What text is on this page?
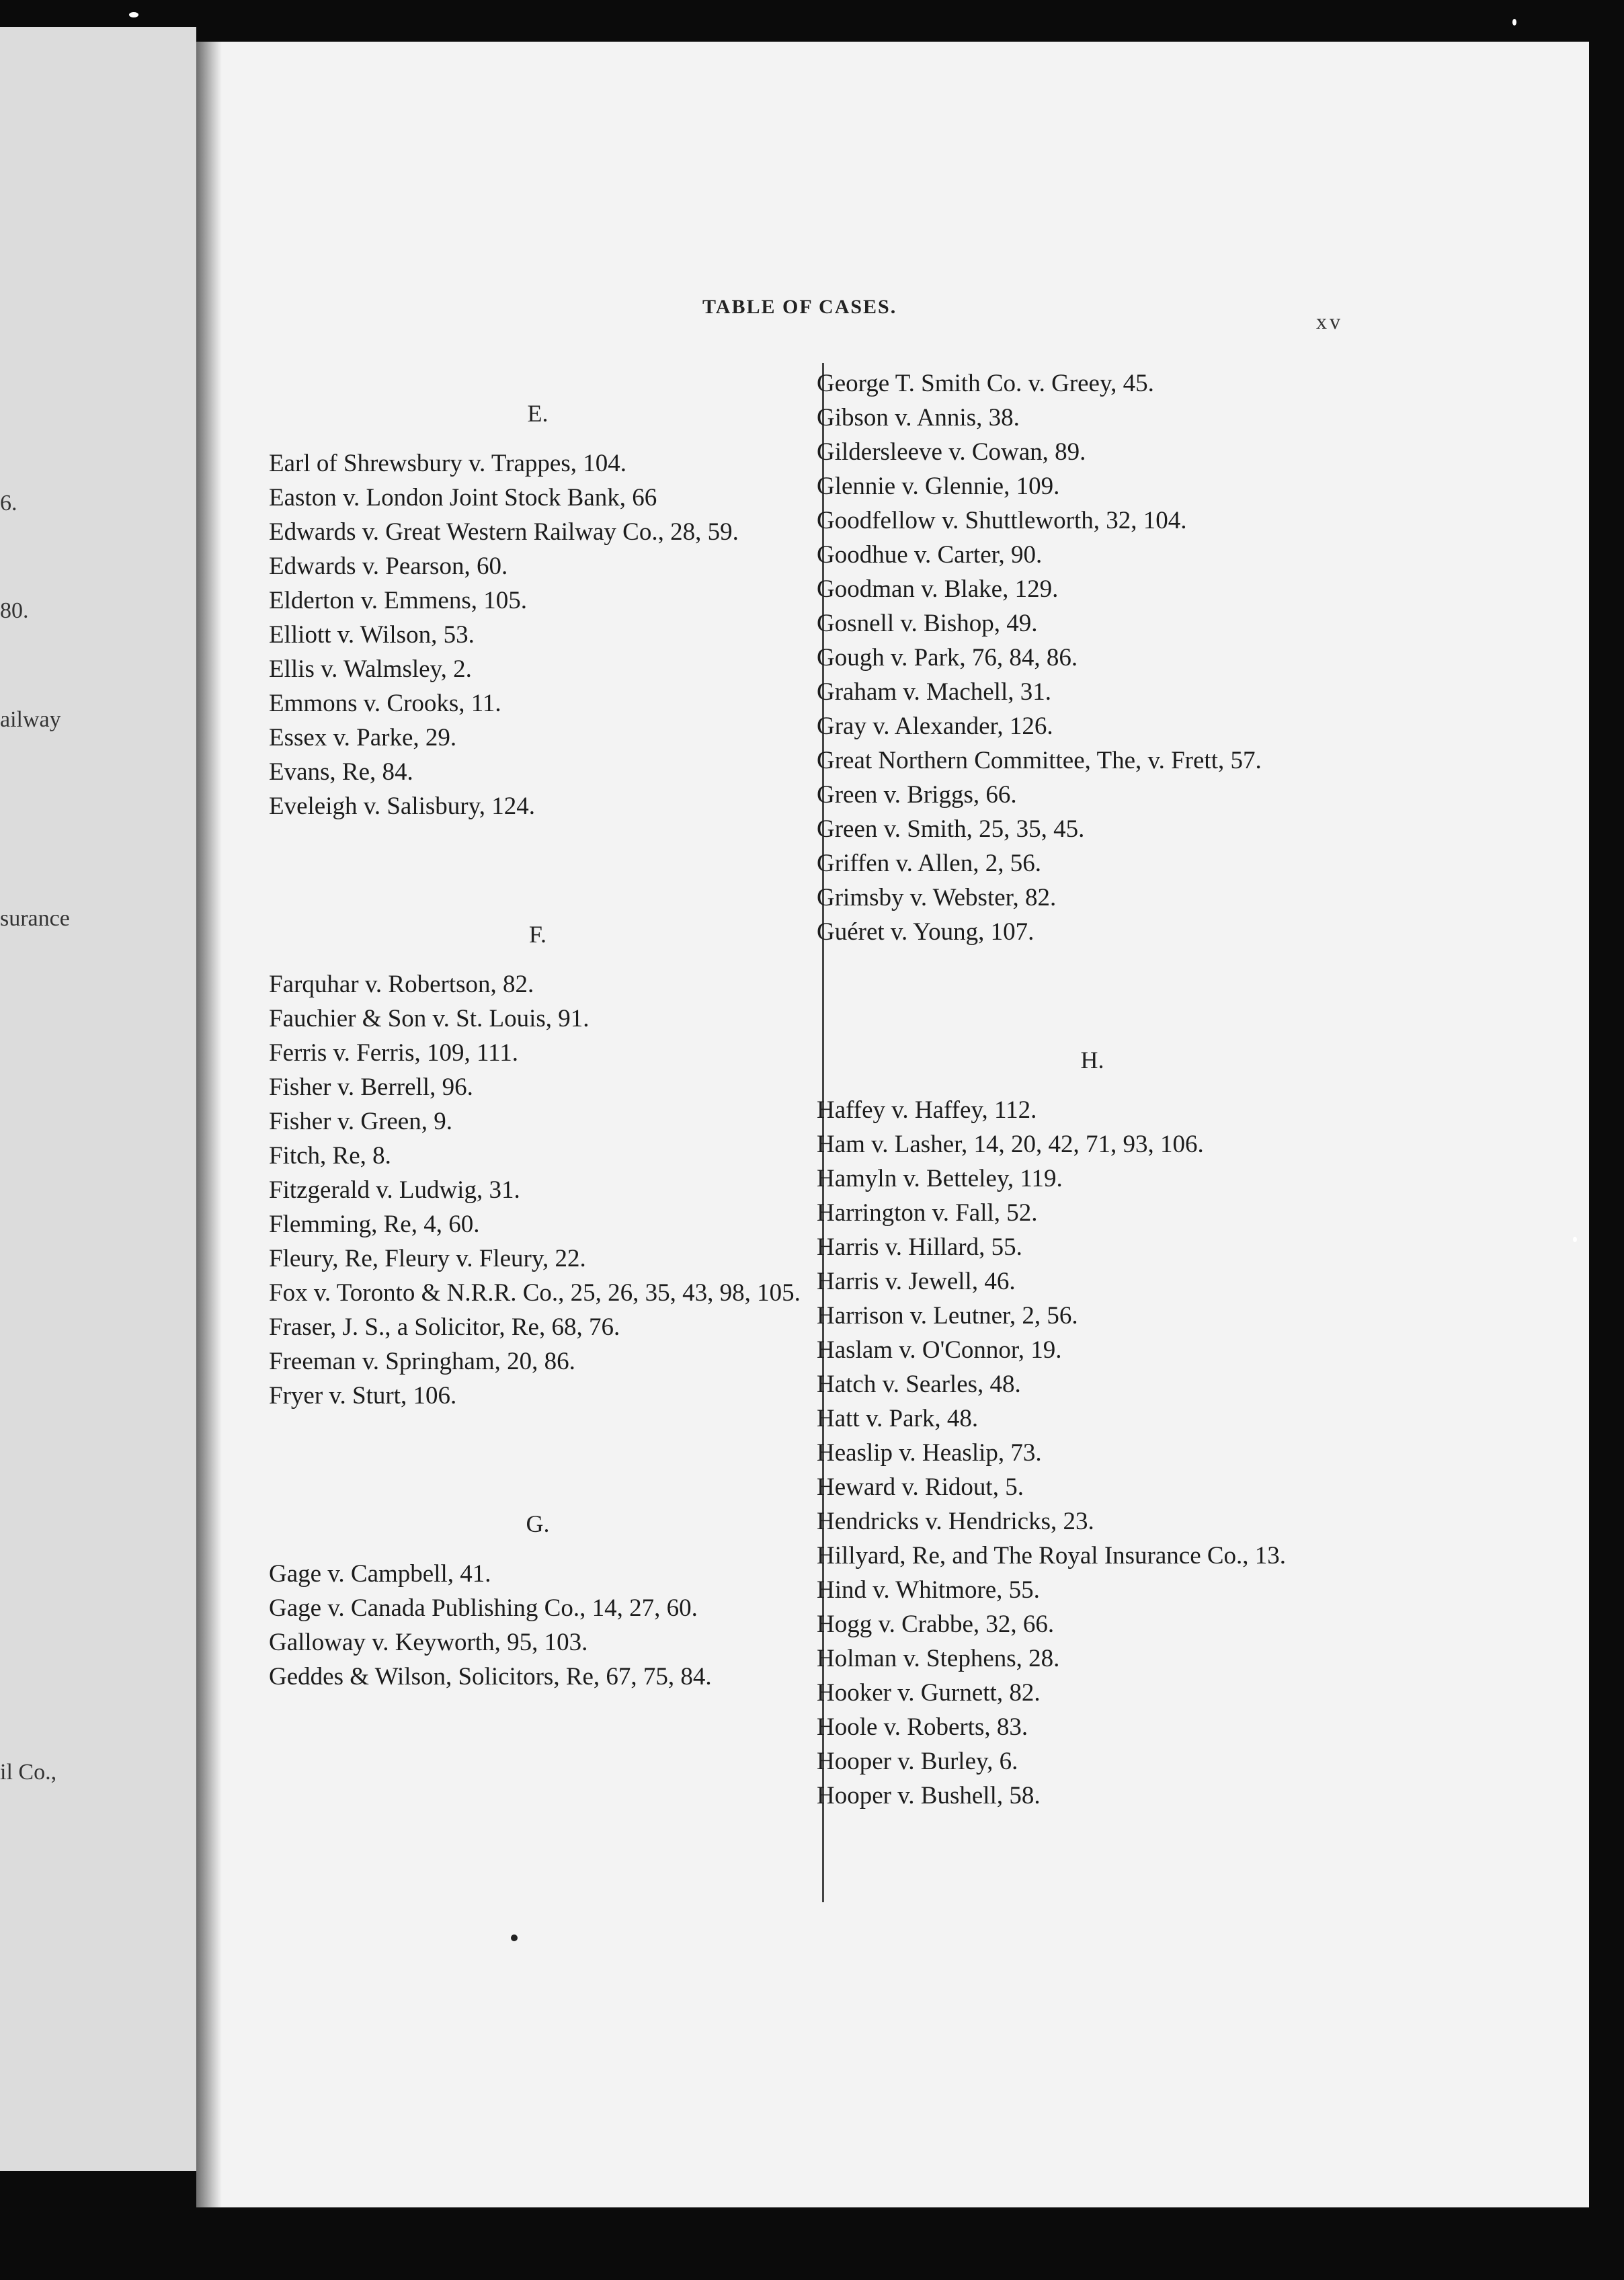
6.
80.
ailway
surance
il Co.,
TABLE OF CASES.
xv
E.
Earl of Shrewsbury v. Trappes, 104.
Easton v. London Joint Stock Bank, 66
Edwards v. Great Western Railway Co., 28, 59.
Edwards v. Pearson, 60.
Elderton v. Emmens, 105.
Elliott v. Wilson, 53.
Ellis v. Walmsley, 2.
Emmons v. Crooks, 11.
Essex v. Parke, 29.
Evans, Re, 84.
Eveleigh v. Salisbury, 124.
F.
Farquhar v. Robertson, 82.
Fauchier & Son v. St. Louis, 91.
Ferris v. Ferris, 109, 111.
Fisher v. Berrell, 96.
Fisher v. Green, 9.
Fitch, Re, 8.
Fitzgerald v. Ludwig, 31.
Flemming, Re, 4, 60.
Fleury, Re, Fleury v. Fleury, 22.
Fox v. Toronto & N.R.R. Co., 25, 26, 35, 43, 98, 105.
Fraser, J. S., a Solicitor, Re, 68, 76.
Freeman v. Springham, 20, 86.
Fryer v. Sturt, 106.
G.
Gage v. Campbell, 41.
Gage v. Canada Publishing Co., 14, 27, 60.
Galloway v. Keyworth, 95, 103.
Geddes & Wilson, Solicitors, Re, 67, 75, 84.
George T. Smith Co. v. Greey, 45.
Gibson v. Annis, 38.
Gildersleeve v. Cowan, 89.
Glennie v. Glennie, 109.
Goodfellow v. Shuttleworth, 32, 104.
Goodhue v. Carter, 90.
Goodman v. Blake, 129.
Gosnell v. Bishop, 49.
Gough v. Park, 76, 84, 86.
Graham v. Machell, 31.
Gray v. Alexander, 126.
Great Northern Committee, The, v. Frett, 57.
Green v. Briggs, 66.
Green v. Smith, 25, 35, 45.
Griffen v. Allen, 2, 56.
Grimsby v. Webster, 82.
Guéret v. Young, 107.
H.
Haffey v. Haffey, 112.
Ham v. Lasher, 14, 20, 42, 71, 93, 106.
Hamyln v. Betteley, 119.
Harrington v. Fall, 52.
Harris v. Hillard, 55.
Harris v. Jewell, 46.
Harrison v. Leutner, 2, 56.
Haslam v. O'Connor, 19.
Hatch v. Searles, 48.
Hatt v. Park, 48.
Heaslip v. Heaslip, 73.
Heward v. Ridout, 5.
Hendricks v. Hendricks, 23.
Hillyard, Re, and The Royal Insurance Co., 13.
Hind v. Whitmore, 55.
Hogg v. Crabbe, 32, 66.
Holman v. Stephens, 28.
Hooker v. Gurnett, 82.
Hoole v. Roberts, 83.
Hooper v. Burley, 6.
Hooper v. Bushell, 58.
